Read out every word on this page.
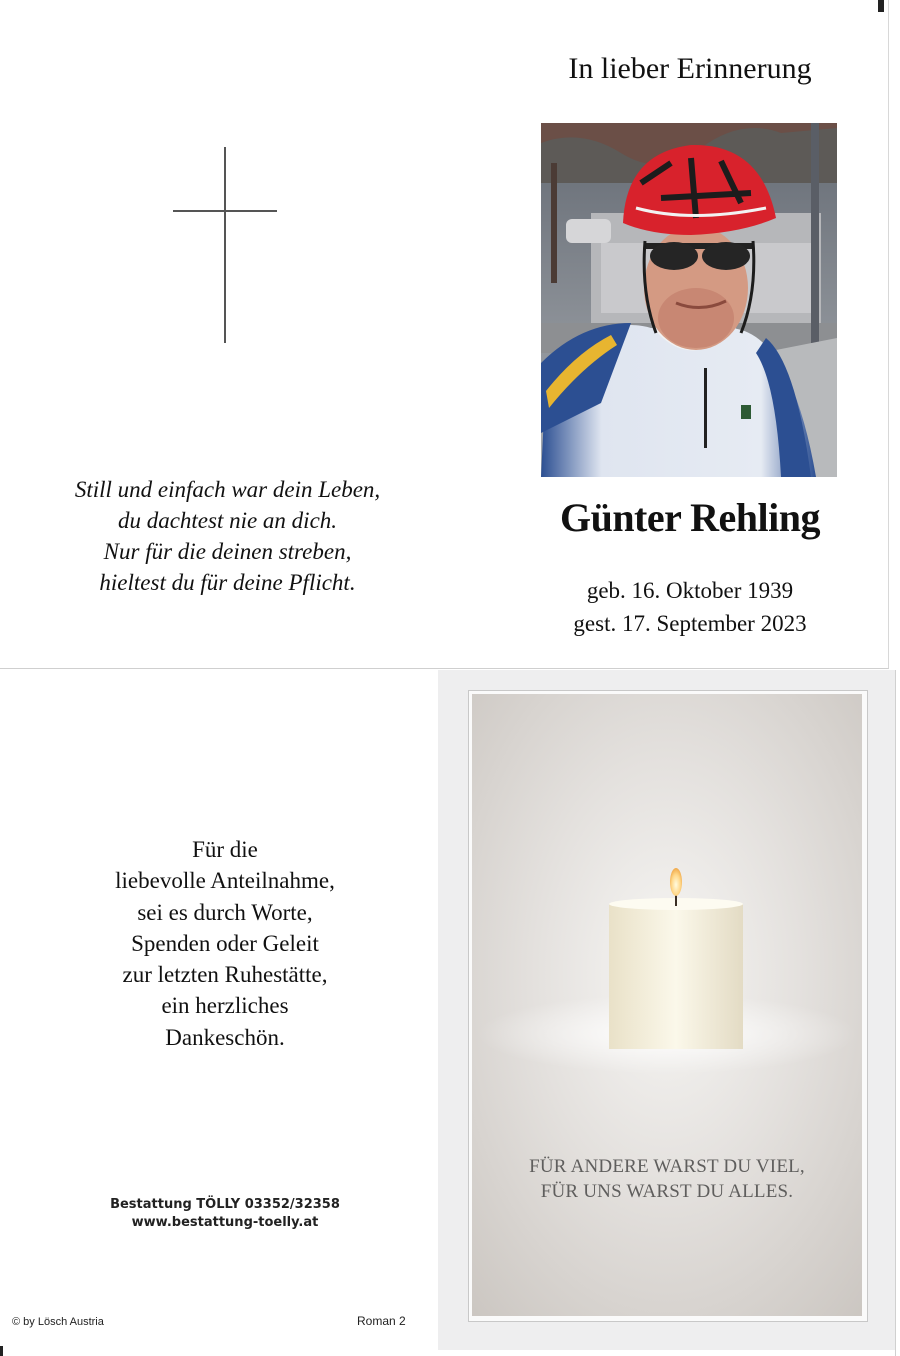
Still und einfach war dein Leben,
du dachtest nie an dich.
Nur für die deinen streben,
hieltest du für deine Pflicht.
In lieber Erinnerung
Günter Rehling
geb. 16. Oktober 1939
gest. 17. September 2023
Für die
liebevolle Anteilnahme,
sei es durch Worte,
Spenden oder Geleit
zur letzten Ruhestätte,
ein herzliches
Dankeschön.
Bestattung TÖLLY 03352/32358
www.bestattung-toelly.at
© by Lösch Austria	Roman 2
FÜR ANDERE WARST DU VIEL,
FÜR UNS WARST DU ALLES.
